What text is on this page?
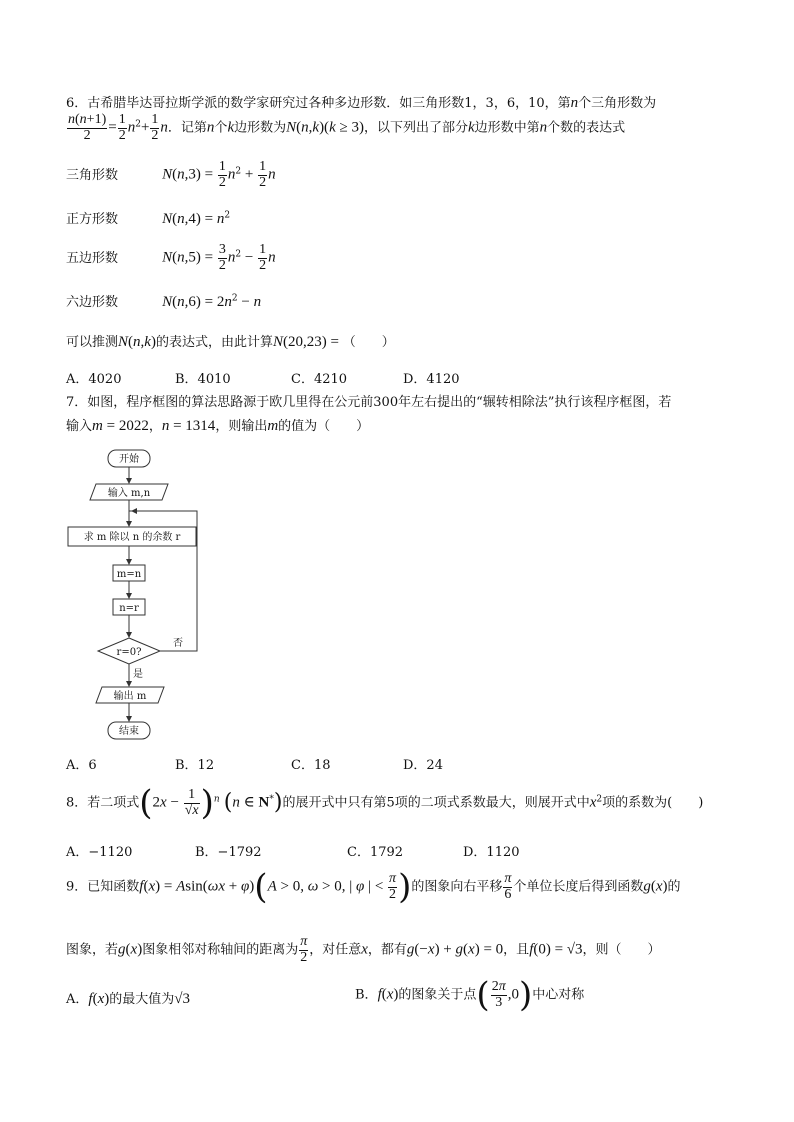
6．古希腊毕达哥拉斯学派的数学家研究过各种多边形数．如三角形数1，3，6，10，第n个三角形数为
$\frac{n(n+1)}{2} = \frac{1}{2} n^2+ \frac{1}{2}$ n．记第n个k边形数为N(n,k)(k ≥ 3)，以下列出了部分k边形数中第n个数的表达式
三角形数	$N(n,3) = \frac{1}{2} n^2 + \frac{1}{2}$ n
正方形数	$N(n,4) = n^2$
五边形数	$N(n,5) = \frac{3}{2} n^2 - \frac{1}{2}$ n
六边形数	$N(n,6) = 2n^2 - n$
可以推测N(n,k)的表达式，由此计算N(20,23) = （　　）
A．4020	B．4010	C．4210	D．4120
7．如图，程序框图的算法思路源于欧几里得在公元前300年左右提出的“辗转相除法”执行该程序框图，若
输入m = 2022，n = 1314，则输出m的值为（　　）
开始
输入 m,n
求 m 除以 n 的余数 r
m=n
n=r
r=0?
否
是
输出 m
结束
A．6	B．12	C．18	D．24
8．若二项式$(2x - \frac{1}{√x} )^n$ (n ∈ N*)的展开式中只有第5项的二项式系数最大，则展开式中$x^2$项的系数为(　　)
A．−1120	B．−1792	C．1792	D．1120
9．已知函数f(x) = Asin(ωx + φ)(A > 0, ω > 0, | φ | < $\frac{\pi}{2}$ )的图象向右平移 $\frac{\pi}{6}$ 个单位长度后得到函数g(x)的
图象，若g(x)图象相邻对称轴间的距离为 $\frac{\pi}{2}$ ，对任意x，都有g(−x) + g(x) = 0，且f(0) = √3，则（　　）
A．f(x)的最大值为√3	B．f(x)的图象关于点( $\frac{2\pi}{3} ,0$)中心对称
